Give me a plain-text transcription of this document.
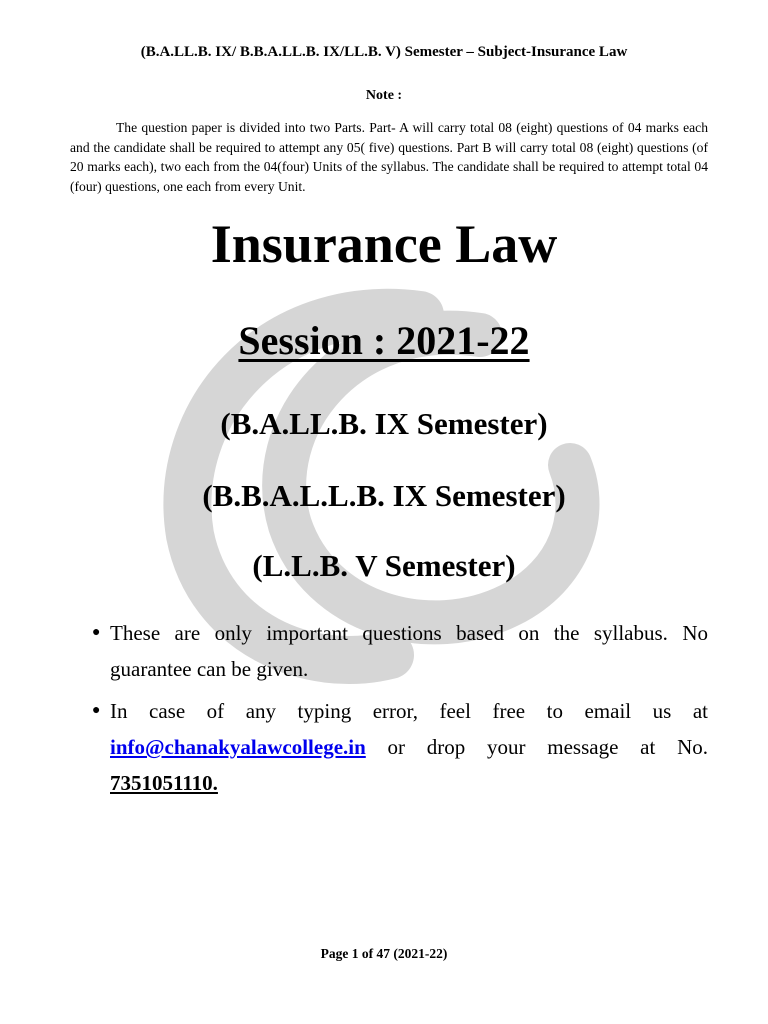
(B.A.LL.B. IX/ B.B.A.LL.B. IX/LL.B. V) Semester – Subject-Insurance Law
Note :
The question paper is divided into two Parts. Part- A will carry total 08 (eight) questions of 04 marks each and the candidate shall be required to attempt any 05( five) questions. Part B will carry total 08 (eight) questions (of 20 marks each), two each from the 04(four) Units of the syllabus. The candidate shall be required to attempt total 04 (four) questions, one each from every Unit.
Insurance Law
Session : 2021-22
(B.A.LL.B. IX Semester)
(B.B.A.L.L.B. IX Semester)
(L.L.B. V Semester)
● These are only important questions based on the syllabus. No guarantee can be given.
● In case of any typing error, feel free to email us at info@chanakyalawcollege.in or drop your message at No. 7351051110.
Page 1 of 47 (2021-22)
